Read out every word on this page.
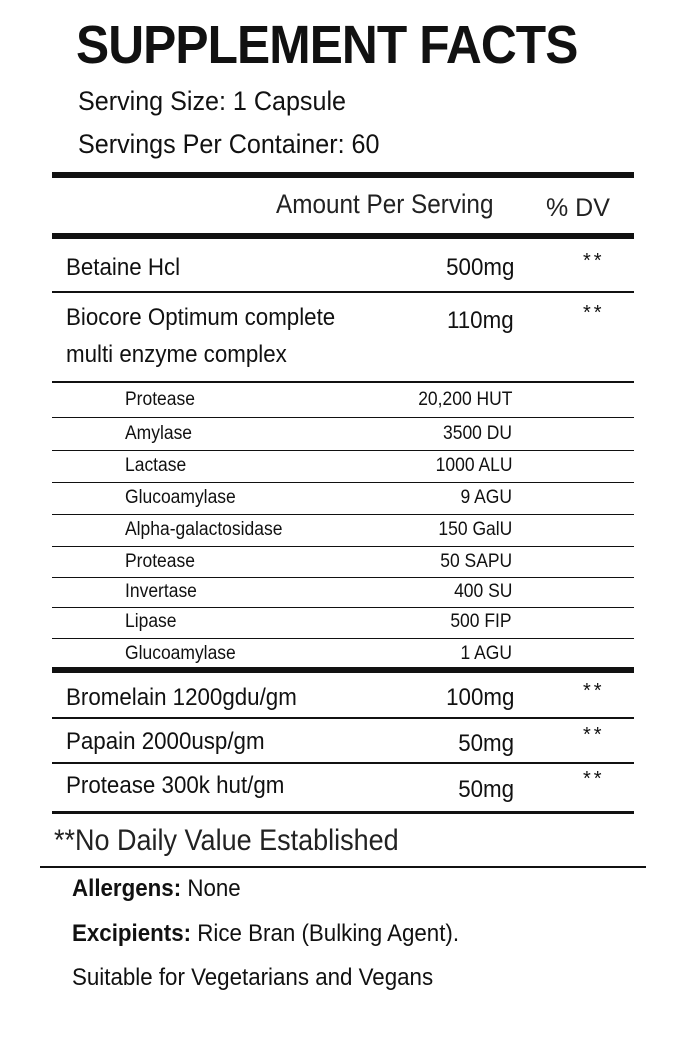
SUPPLEMENT FACTS
Serving Size: 1 Capsule
Servings Per Container: 60
Amount Per Serving % DV
Betaine Hcl	500mg	**
Biocore Optimum complete
multi enzyme complex
110mg	**
Protease	20,200 HUT
Amylase	3500 DU
Lactase	1000 ALU
Glucoamylase	9 AGU
Alpha-galactosidase	150 GalU
Protease	50 SAPU
Invertase	400 SU
Lipase	500 FIP
Glucoamylase	1 AGU
Bromelain 1200gdu/gm	100mg	**
Papain 2000usp/gm	50mg	**
Protease 300k hut/gm	50mg	**
**No Daily Value Established
Allergens: None
Excipients: Rice Bran (Bulking Agent).
Suitable for Vegetarians and Vegans
